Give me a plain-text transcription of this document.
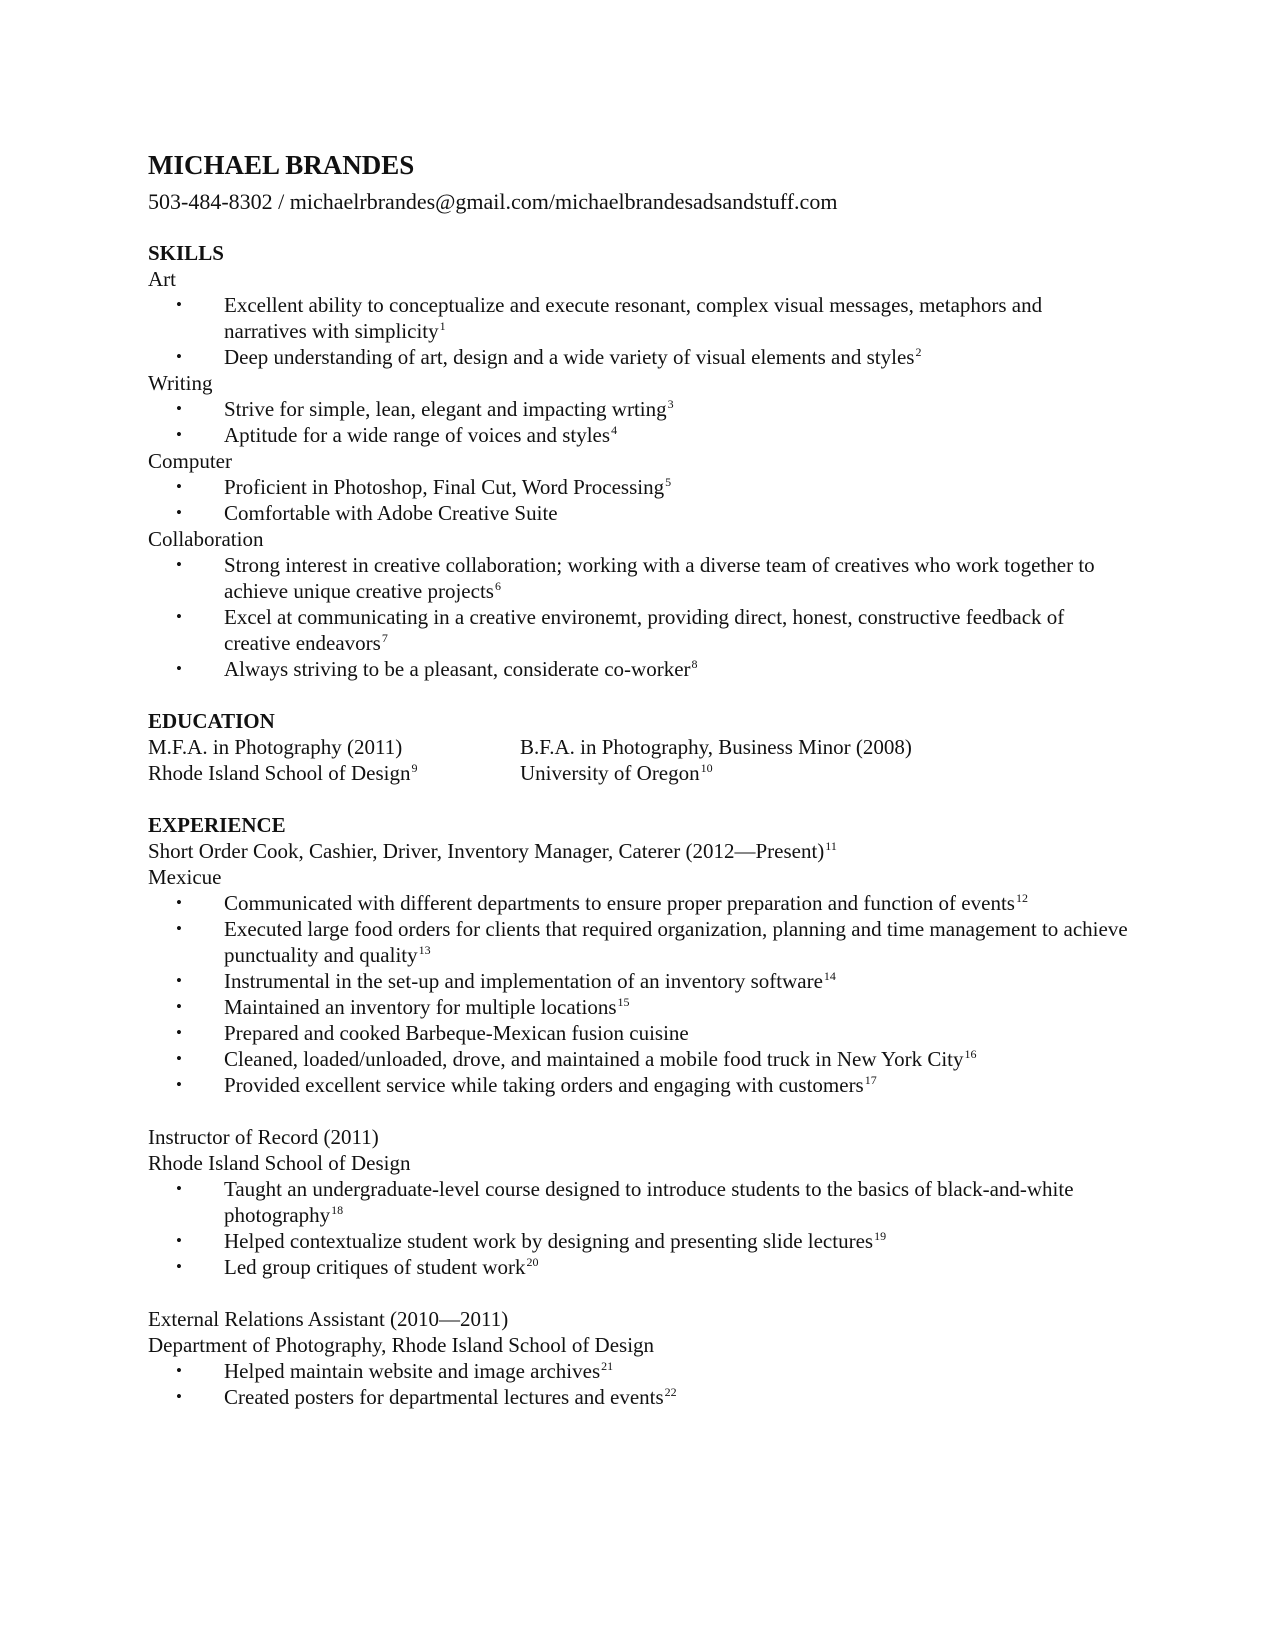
MICHAEL BRANDES
503-484-8302 / michaelrbrandes@gmail.com/michaelbrandesadsandstuff.com
SKILLS
Art
• Excellent ability to conceptualize and execute resonant, complex visual messages, metaphors and narratives with simplicity$^1$
• Deep understanding of art, design and a wide variety of visual elements and styles$^2$
Writing
• Strive for simple, lean, elegant and impacting wrting$^3$
• Aptitude for a wide range of voices and styles$^4$
Computer
• Proficient in Photoshop, Final Cut, Word Processing$^5$
• Comfortable with Adobe Creative Suite
Collaboration
• Strong interest in creative collaboration; working with a diverse team of creatives who work together to achieve unique creative projects$^6$
• Excel at communicating in a creative environemt, providing direct, honest, constructive feedback of creative endeavors$^7$
• Always striving to be a pleasant, considerate co-worker$^8$
EDUCATION
M.F.A. in Photography (2011)	B.F.A. in Photography, Business Minor (2008)
Rhode Island School of Design$^9$	University of Oregon$^{10}$
EXPERIENCE
Short Order Cook, Cashier, Driver, Inventory Manager, Caterer (2012—Present)$^{11}$
Mexicue
• Communicated with different departments to ensure proper preparation and function of events$^{12}$
• Executed large food orders for clients that required organization, planning and time management to achieve punctuality and quality$^{13}$
• Instrumental in the set-up and implementation of an inventory software$^{14}$
• Maintained an inventory for multiple locations$^{15}$
• Prepared and cooked Barbeque-Mexican fusion cuisine
• Cleaned, loaded/unloaded, drove, and maintained a mobile food truck in New York City$^{16}$
• Provided excellent service while taking orders and engaging with customers$^{17}$
Instructor of Record (2011)
Rhode Island School of Design
• Taught an undergraduate-level course designed to introduce students to the basics of black-and-white photography$^{18}$
• Helped contextualize student work by designing and presenting slide lectures$^{19}$
• Led group critiques of student work$^{20}$
External Relations Assistant (2010—2011)
Department of Photography, Rhode Island School of Design
• Helped maintain website and image archives$^{21}$
• Created posters for departmental lectures and events$^{22}$
